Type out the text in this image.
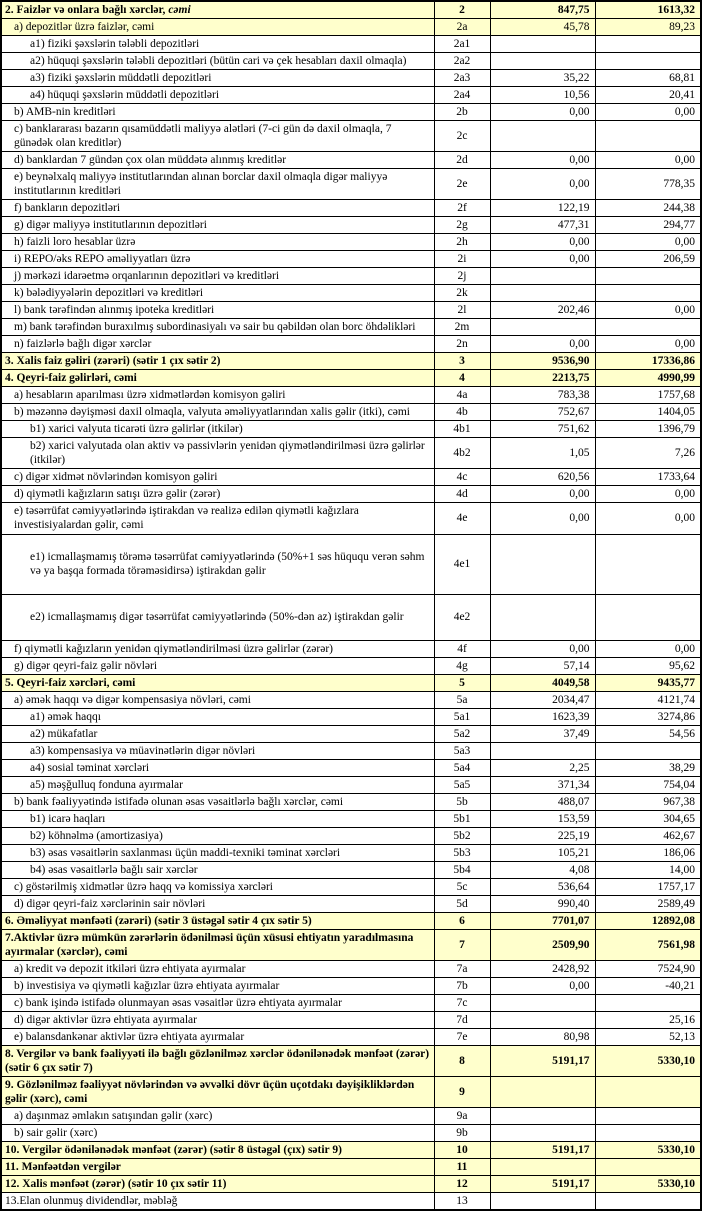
2. Faizlər və onlara bağlı xərclər, cəmi	2	847,75	1613,32
a) depozitlər üzrə faizlər, cəmi	2a	45,78	89,23
a1) fiziki şəxslərin tələbli depozitləri	2a1		
a2) hüquqi şəxslərin tələbli depozitləri (bütün cari və çek hesabları daxil olmaqla)	2a2		
a3) fiziki şəxslərin müddətli depozitləri	2a3	35,22	68,81
a4) hüquqi şəxslərin müddətli depozitləri	2a4	10,56	20,41
b) AMB-nin kreditləri	2b	0,00	0,00
c) banklararası bazarın qısamüddətli maliyyə alətləri (7-ci gün də daxil olmaqla, 7 günədək olan kreditlər)	2c		
d) banklardan 7 gündən çox olan müddətə alınmış kreditlər	2d	0,00	0,00
e) beynəlxalq maliyyə institutlarından alınan borclar daxil olmaqla digər maliyyə institutlarının kreditləri	2e	0,00	778,35
f) bankların depozitləri	2f	122,19	244,38
g) digər maliyyə institutlarının depozitləri	2g	477,31	294,77
h) faizli loro hesablar üzrə	2h	0,00	0,00
i) REPO/əks REPO əməliyyatları üzrə	2i	0,00	206,59
j) mərkəzi idarəetmə orqanlarının depozitləri və kreditləri	2j		
k) bələdiyyələrin depozitləri və kreditləri	2k		
l) bank tərəfindən alınmış ipoteka kreditləri	2l	202,46	0,00
m) bank tərəfindən buraxılmış subordinasiyalı və sair bu qəbildən olan borc öhdəlikləri	2m		
n) faizlərlə bağlı digər xərclər	2n	0,00	0,00
3. Xalis faiz gəliri (zərəri) (sətir 1 çıx sətir 2)	3	9536,90	17336,86
4. Qeyri-faiz gəlirləri, cəmi	4	2213,75	4990,99
a) hesabların aparılması üzrə xidmətlərdən komisyon gəliri	4a	783,38	1757,68
b) məzənnə dəyişməsi daxil olmaqla, valyuta əməliyyatlarından xalis gəlir (itki), cəmi	4b	752,67	1404,05
b1) xarici valyuta ticarəti üzrə gəlirlər (itkilər)	4b1	751,62	1396,79
b2) xarici valyutada olan aktiv və passivlərin yenidən qiymətləndirilməsi üzrə gəlirlər (itkilər)	4b2	1,05	7,26
c) digər xidmət növlərindən komisyon gəliri	4c	620,56	1733,64
d) qiymətli kağızların satışı üzrə gəlir (zərər)	4d	0,00	0,00
e) təsərrüfat cəmiyyətlərində iştirakdan və realizə edilən qiymətli kağızlara investisiyalardan gəlir, cəmi	4e	0,00	0,00
e1) icmallaşmamış törəmə təsərrüfat cəmiyyətlərində (50%+1 səs hüququ verən səhm və ya başqa formada törəməsidirsə) iştirakdan gəlir	4e1		
e2) icmallaşmamış digər təsərrüfat cəmiyyətlərində (50%-dən az) iştirakdan gəlir	4e2		
f) qiymətli kağızların yenidən qiymətləndirilməsi üzrə gəlirlər (zərər)	4f	0,00	0,00
g) digər qeyri-faiz gəlir növləri	4g	57,14	95,62
5. Qeyri-faiz xərcləri, cəmi	5	4049,58	9435,77
a) əmək haqqı və digər kompensasiya növləri, cəmi	5a	2034,47	4121,74
a1) əmək haqqı	5a1	1623,39	3274,86
a2) mükafatlar	5a2	37,49	54,56
a3) kompensasiya və müavinətlərin digər növləri	5a3		
a4) sosial təminat xərcləri	5a4	2,25	38,29
a5) məşğulluq fonduna ayırmalar	5a5	371,34	754,04
b) bank fəaliyyətində istifadə olunan əsas vəsaitlərlə bağlı xərclər, cəmi	5b	488,07	967,38
b1) icarə haqları	5b1	153,59	304,65
b2) köhnəlmə (amortizasiya)	5b2	225,19	462,67
b3) əsas vəsaitlərin saxlanması üçün maddi-texniki təminat xərcləri	5b3	105,21	186,06
b4) əsas vəsaitlərlə bağlı sair xərclər	5b4	4,08	14,00
c) göstərilmiş xidmətlər üzrə haqq və komissiya xərcləri	5c	536,64	1757,17
d) digər qeyri-faiz xərclərinin sair növləri	5d	990,40	2589,49
6. Əməliyyat mənfəəti (zərəri) (sətir 3 üstəgəl sətir 4 çıx sətir 5)	6	7701,07	12892,08
7.Aktivlər üzrə mümkün zərərlərin ödənilməsi üçün xüsusi ehtiyatın yaradılmasına ayırmalar (xərclər), cəmi	7	2509,90	7561,98
a) kredit və depozit itkiləri üzrə ehtiyata ayırmalar	7a	2428,92	7524,90
b) investisiya və qiymətli kağızlar üzrə ehtiyata ayırmalar	7b	0,00	-40,21
c) bank işində istifadə olunmayan əsas vəsaitlər üzrə ehtiyata ayırmalar	7c		
d) digər aktivlər üzrə ehtiyata ayırmalar	7d		25,16
e) balansdankənar aktivlər üzrə ehtiyata ayırmalar	7e	80,98	52,13
8. Vergilər və bank fəaliyyəti ilə bağlı gözlənilməz xərclər ödənilənədək mənfəət (zərər) (sətir 6 çıx sətir 7)	8	5191,17	5330,10
9. Gözlənilməz fəaliyyət növlərindən və əvvəlki dövr üçün uçotdakı dəyişikliklərdən gəlir (xərc), cəmi	9		
a) daşınmaz əmlakın satışından gəlir (xərc)	9a		
b) sair gəlir (xərc)	9b		
10. Vergilər ödənilənədək mənfəət (zərər) (sətir 8 üstəgəl (çıx) sətir 9)	10	5191,17	5330,10
11. Mənfəətdən vergilər	11		
12. Xalis mənfəət (zərər) (sətir 10 çıx sətir 11)	12	5191,17	5330,10
13.Elan olunmuş dividendlər, məbləğ	13		
